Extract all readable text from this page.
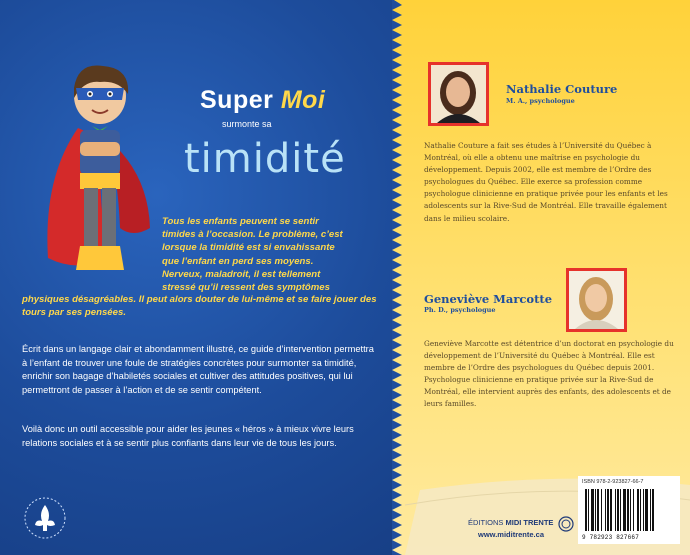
Super Moi
surmonte sa
timidité
Tous les enfants peuvent se sentir
timides à l’occasion. Le problème, c’est
lorsque la timidité est si envahissante
que l’enfant en perd ses moyens.
Nerveux, maladroit, il est tellement
stressé qu’il ressent des symptômes
physiques désagréables. Il peut alors douter de lui-même et se faire jouer des tours par ses pensées.

Écrit dans un langage clair et abondamment illustré, ce guide d’intervention permettra à l’enfant de trouver une foule de stratégies concrètes pour surmonter sa timidité, enrichir son bagage d’habiletés sociales et cultiver des attitudes positives, qui lui permettront de passer à l’action et de se sentir compétent.

Voilà donc un outil accessible pour aider les jeunes « héros » à mieux vivre leurs relations sociales et à se sentir plus confiants dans leur vie de tous les jours.

Nathalie Couture
M. A., psychologue

Nathalie Couture a fait ses études à l’Université du Québec à Montréal, où elle a obtenu une maîtrise en psychologie du développement. Depuis 2002, elle est membre de l’Ordre des psychologues du Québec. Elle exerce sa profession comme psychologue clinicienne en pratique privée pour les enfants et les adolescents sur la Rive-Sud de Montréal. Elle travaille également dans le milieu scolaire.

Geneviève Marcotte
Ph. D., psychologue

Geneviève Marcotte est détentrice d’un doctorat en psychologie du développement de l’Université du Québec à Montréal. Elle est membre de l’Ordre des psychologues du Québec depuis 2001. Psychologue clinicienne en pratique privée sur la Rive-Sud de Montréal, elle intervient auprès des enfants, des adolescents et de leurs familles.

ÉDITIONS MIDI TRENTE
www.miditrente.ca
ISBN 978-2-923827-66-7
9 782923 827667
